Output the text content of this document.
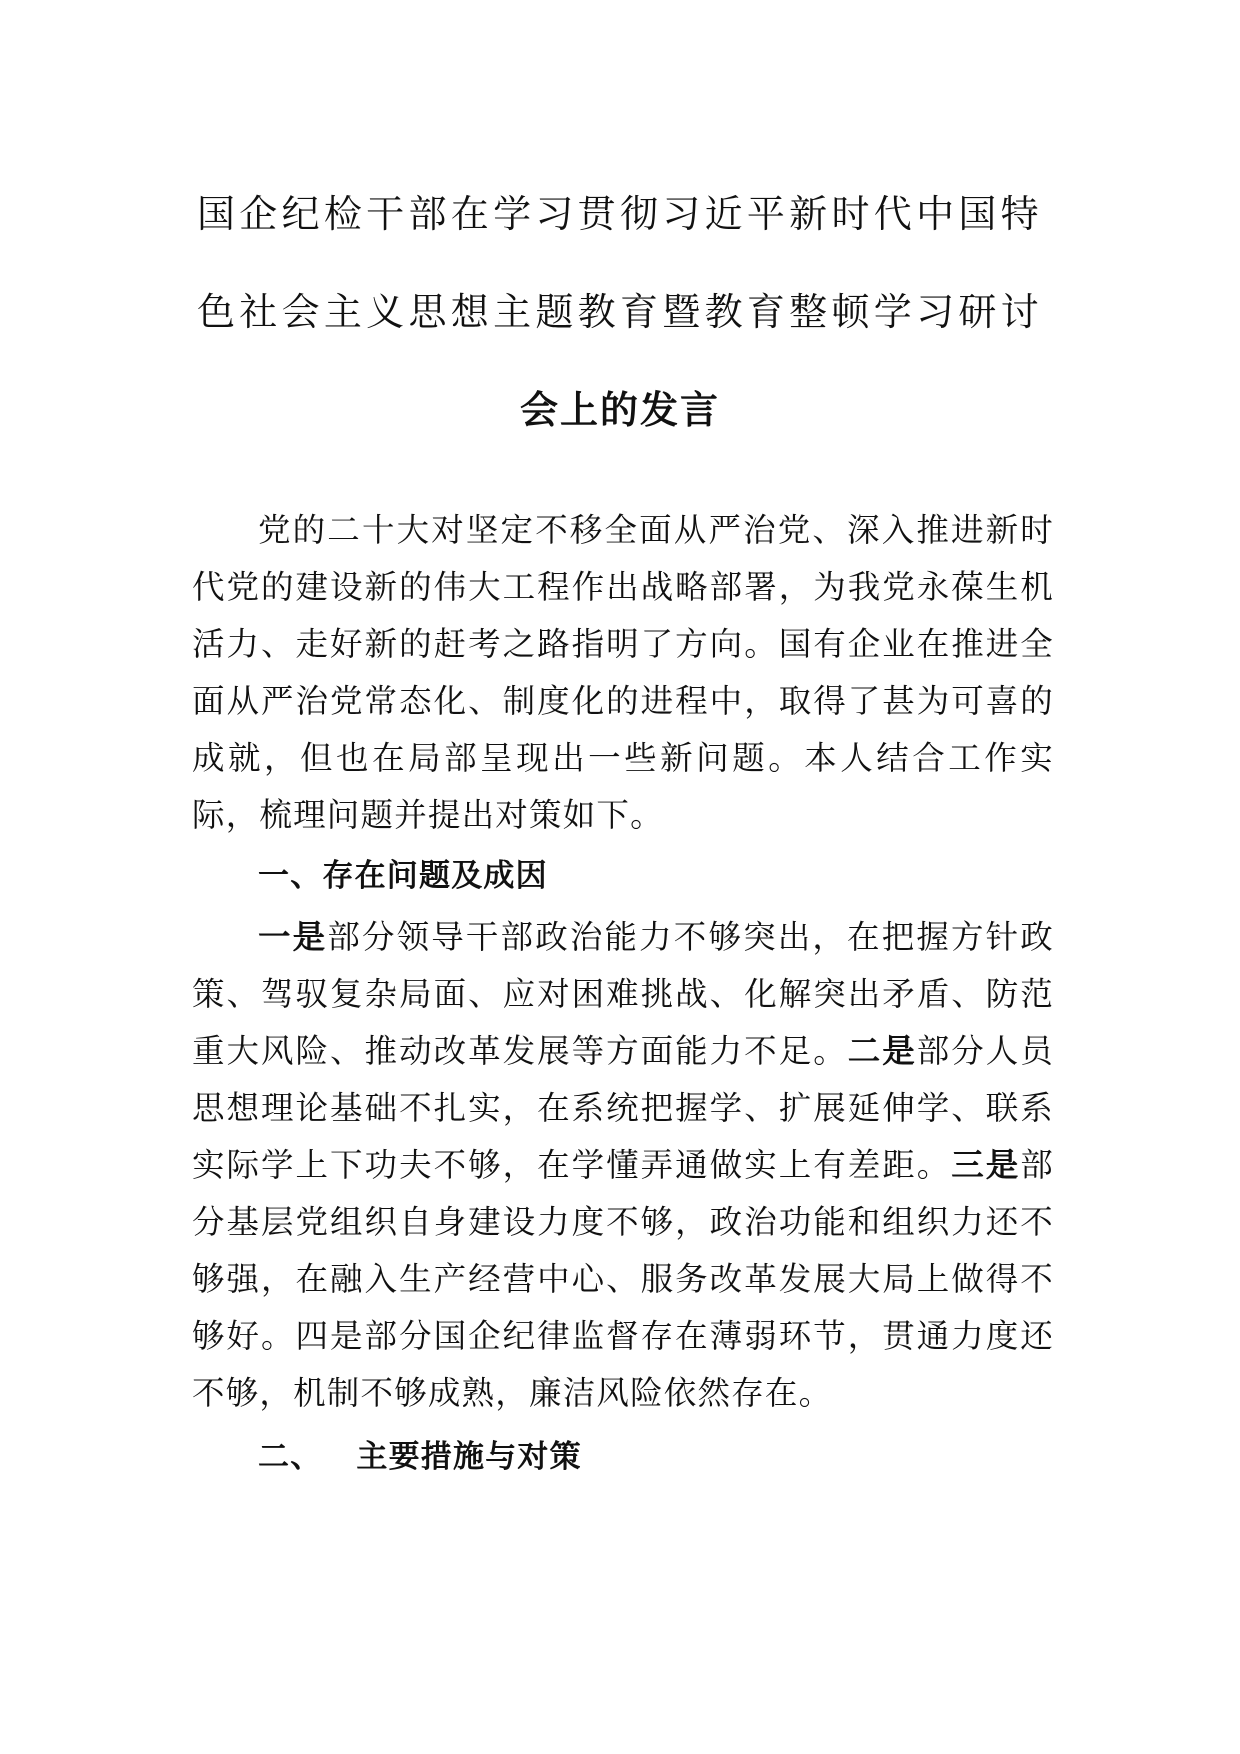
国企纪检干部在学习贯彻习近平新时代中国特
色社会主义思想主题教育暨教育整顿学习研讨
会上的发言

党的二十大对坚定不移全面从严治党、深入推进新时代党的建设新的伟大工程作出战略部署，为我党永葆生机活力、走好新的赶考之路指明了方向。国有企业在推进全面从严治党常态化、制度化的进程中，取得了甚为可喜的成就，但也在局部呈现出一些新问题。本人结合工作实际，梳理问题并提出对策如下。

一、存在问题及成因

一是部分领导干部政治能力不够突出，在把握方针政策、驾驭复杂局面、应对困难挑战、化解突出矛盾、防范重大风险、推动改革发展等方面能力不足。二是部分人员思想理论基础不扎实，在系统把握学、扩展延伸学、联系实际学上下功夫不够，在学懂弄通做实上有差距。三是部分基层党组织自身建设力度不够，政治功能和组织力还不够强，在融入生产经营中心、服务改革发展大局上做得不够好。四是部分国企纪律监督存在薄弱环节，贯通力度还不够，机制不够成熟，廉洁风险依然存在。

二、 主要措施与对策
